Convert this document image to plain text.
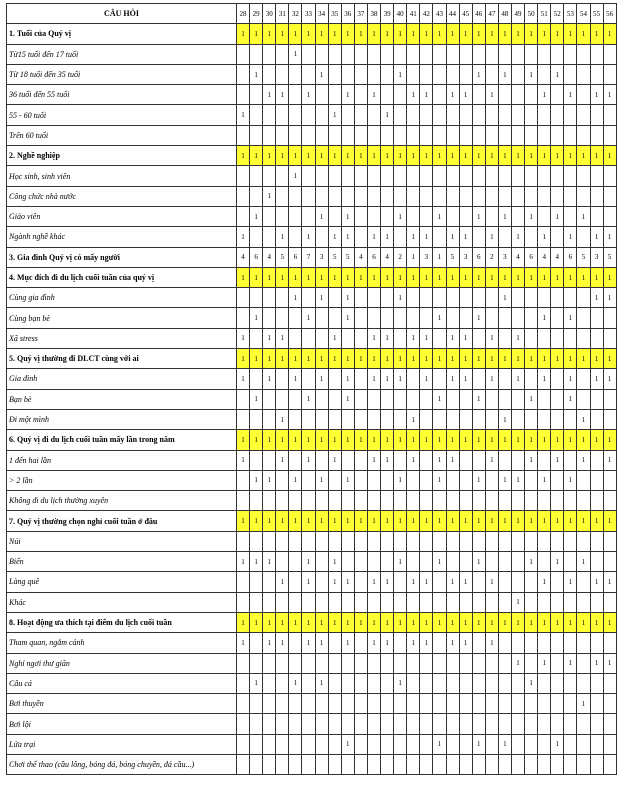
CÂU HỎI	28	29	30	31	32	33	34	35	36	37	38	39	40	41	42	43	44	45	46	47	48	49	50	51	52	53	54	55	56
1. Tuổi của Quý vị	1	1	1	1	1	1	1	1	1	1	1	1	1	1	1	1	1	1	1	1	1	1	1	1	1	1	1	1	1
Từ15 tuổi đến 17 tuổi					1																								
Từ 18 tuổi đến 35 tuổi		1					1						1						1		1		1		1				
36 tuổi đến 55 tuổi			1	1		1			1		1			1	1		1	1		1				1		1		1	1
55 - 60 tuổi	1							1				1																	
Trên 60 tuổi																													
2. Nghề nghiệp	1	1	1	1	1	1	1	1	1	1	1	1	1	1	1	1	1	1	1	1	1	1	1	1	1	1	1	1	1
Học sinh, sinh viên					1																								
Công chức nhà nước			1																										
Giáo viên		1					1		1				1			1			1		1		1		1		1		
Ngành nghề khác	1			1		1		1	1		1	1		1	1		1	1		1		1		1		1		1	1
3. Gia đình Quý vị có mấy người	4	6	4	5	6	7	3	5	5	4	6	4	2	1	3	1	5	3	6	2	3	4	6	4	4	6	5	3	5
4. Mục đích đi du lịch cuối tuần của quý vị	1	1	1	1	1	1	1	1	1	1	1	1	1	1	1	1	1	1	1	1	1	1	1	1	1	1	1	1	1
Cùng gia đình					1		1		1				1								1							1	1
Cùng bạn bè		1				1			1							1			1					1		1			
Xã stress	1		1	1				1			1	1		1	1		1	1		1		1							
5. Quý vị thường đi DLCT cùng với ai	1	1	1	1	1	1	1	1	1	1	1	1	1	1	1	1	1	1	1	1	1	1	1	1	1	1	1	1	1
Gia đình	1		1		1		1		1		1	1	1		1		1	1		1		1		1		1		1	1
Bạn bè		1				1			1							1			1				1			1			
Đi một mình				1										1							1						1		
6. Quý vị đi du lịch cuối tuần mấy lần trong năm	1	1	1	1	1	1	1	1	1	1	1	1	1	1	1	1	1	1	1	1	1	1	1	1	1	1	1	1	1
1 đến hai lần	1			1		1		1			1	1		1		1	1			1			1		1		1		1
> 2 lần		1	1		1		1		1				1			1			1		1	1		1		1			
Không đi du lịch thường xuyên																													
7. Quý vị thường chọn nghỉ cuối tuần ở đâu	1	1	1	1	1	1	1	1	1	1	1	1	1	1	1	1	1	1	1	1	1	1	1	1	1	1	1	1	1
Núi																													
Biển	1	1	1			1		1					1			1			1				1		1		1		
Làng quê				1		1		1	1		1	1		1	1		1	1		1				1		1		1	1
Khác																						1							
8. Hoạt động ưa thích tại điểm du lịch cuối tuần	1	1	1	1	1	1	1	1	1	1	1	1	1	1	1	1	1	1	1	1	1	1	1	1	1	1	1	1	1
Tham quan, ngắm cảnh	1		1	1		1	1		1		1	1		1	1		1	1		1									
Nghỉ ngơi thư giãn																						1		1		1		1	1
Câu cá		1			1		1						1										1						
Bơi thuyền																											1		
Bơi lội																													
Lửa trại									1							1			1		1				1				
Chơi thể thao (cầu lông, bóng đá, bóng chuyền, đá cầu...)																													
